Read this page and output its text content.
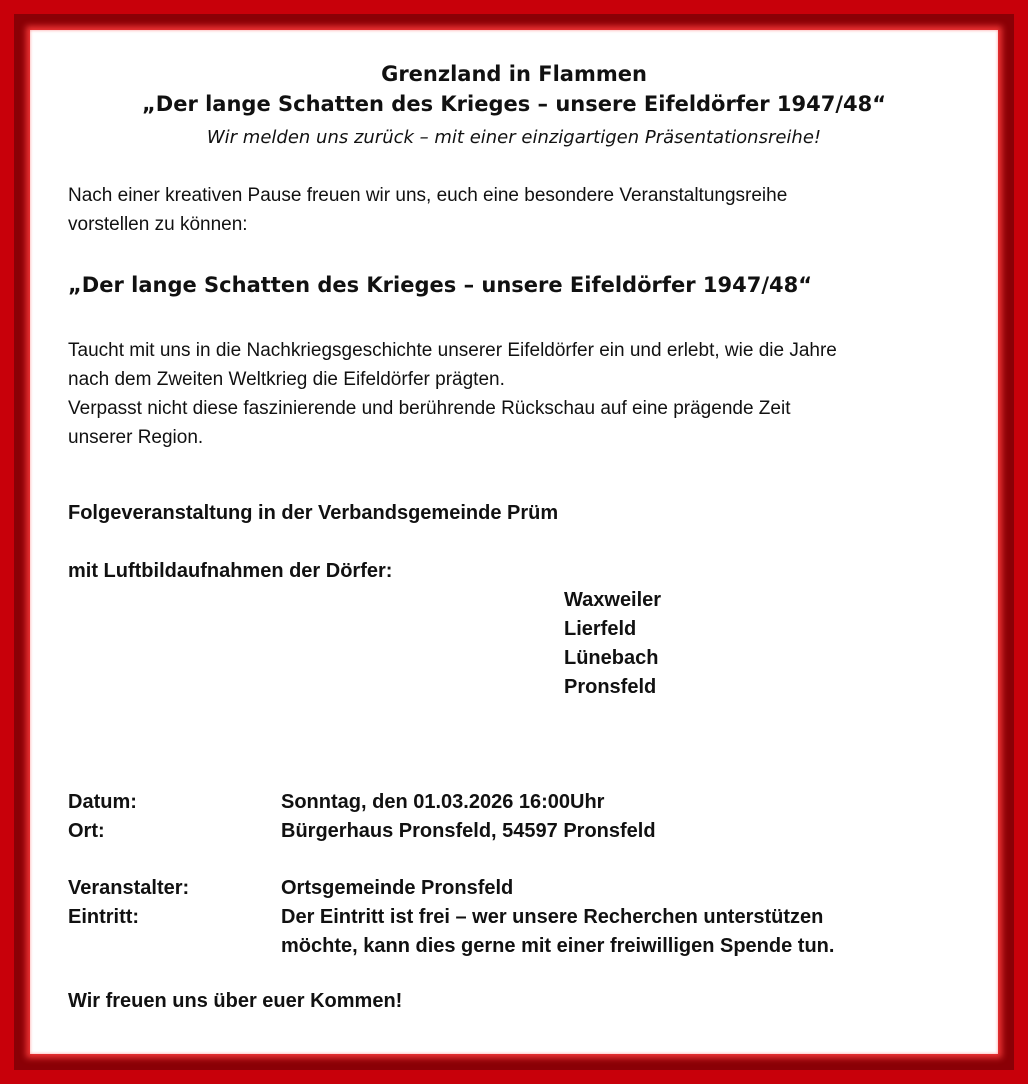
Grenzland in Flammen
„Der lange Schatten des Krieges – unsere Eifeldörfer 1947/48“
Wir melden uns zurück – mit einer einzigartigen Präsentationsreihe!
Nach einer kreativen Pause freuen wir uns, euch eine besondere Veranstaltungsreihe
vorstellen zu können:
„Der lange Schatten des Krieges – unsere Eifeldörfer 1947/48“
Taucht mit uns in die Nachkriegsgeschichte unserer Eifeldörfer ein und erlebt, wie die Jahre
nach dem Zweiten Weltkrieg die Eifeldörfer prägten.
Verpasst nicht diese faszinierende und berührende Rückschau auf eine prägende Zeit
unserer Region.
Folgeveranstaltung in der Verbandsgemeinde Prüm
mit Luftbildaufnahmen der Dörfer:
Waxweiler
Lierfeld
Lünebach
Pronsfeld
Datum:	Sonntag, den 01.03.2026 16:00Uhr
Ort:	Bürgerhaus Pronsfeld, 54597 Pronsfeld
Veranstalter:	Ortsgemeinde Pronsfeld
Eintritt:	Der Eintritt ist frei – wer unsere Recherchen unterstützen
möchte, kann dies gerne mit einer freiwilligen Spende tun.
Wir freuen uns über euer Kommen!
